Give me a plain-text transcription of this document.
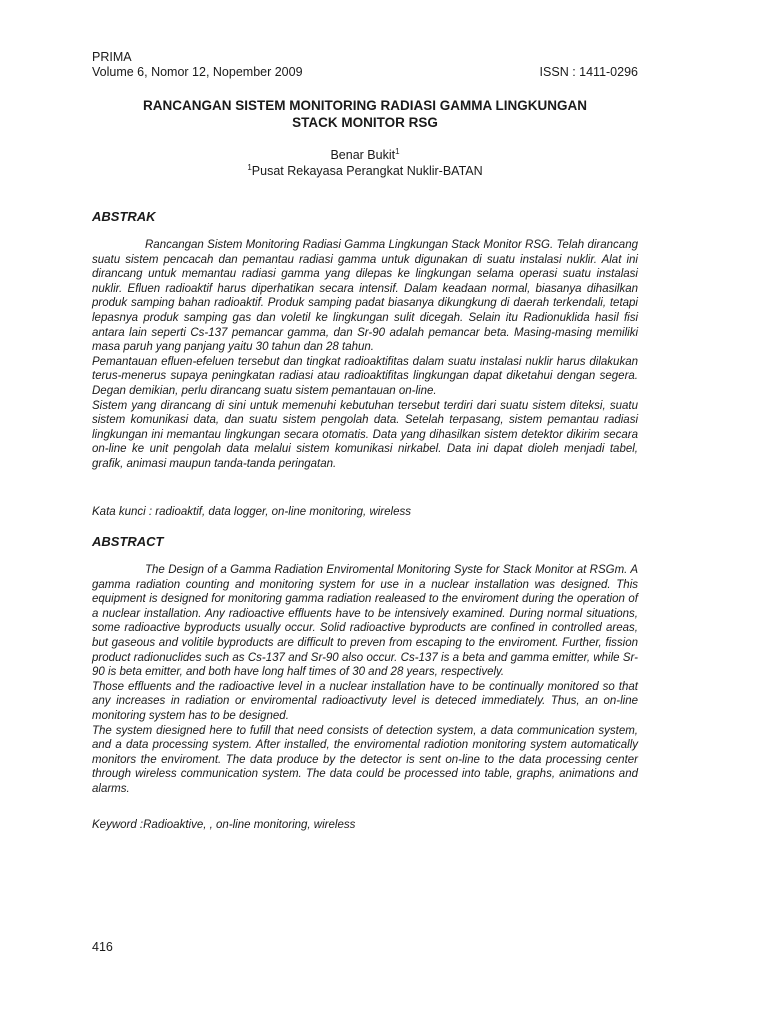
PRIMA
Volume 6, Nomor 12, Nopember 2009	ISSN : 1411-0296
RANCANGAN SISTEM MONITORING RADIASI GAMMA LINGKUNGAN
STACK MONITOR RSG
Benar Bukit$^1$
$^1$Pusat Rekayasa Perangkat Nuklir-BATAN
ABSTRAK

Rancangan Sistem Monitoring Radiasi Gamma Lingkungan Stack Monitor RSG. Telah dirancang suatu sistem pencacah dan pemantau radiasi gamma untuk digunakan di suatu instalasi nuklir. Alat ini dirancang untuk memantau radiasi gamma yang dilepas ke lingkungan selama operasi suatu instalasi nuklir. Efluen radioaktif harus diperhatikan secara intensif. Dalam keadaan normal, biasanya dihasilkan produk samping bahan radioaktif. Produk samping padat biasanya dikungkung di daerah terkendali, tetapi lepasnya produk samping gas dan voletil ke lingkungan sulit dicegah. Selain itu Radionuklida hasil fisi antara lain seperti Cs-137 pemancar gamma, dan Sr-90 adalah pemancar beta. Masing-masing memiliki masa paruh yang panjang yaitu 30 tahun dan 28 tahun.

Pemantauan efluen-efeluen tersebut dan tingkat radioaktifitas dalam suatu instalasi nuklir harus dilakukan terus-menerus supaya peningkatan radiasi atau radioaktifitas lingkungan dapat diketahui dengan segera. Degan demikian, perlu dirancang suatu sistem pemantauan on-line.

Sistem yang dirancang di sini untuk memenuhi kebutuhan tersebut terdiri dari suatu sistem diteksi, suatu sistem komunikasi data, dan suatu sistem pengolah data. Setelah terpasang, sistem pemantau radiasi lingkungan ini memantau lingkungan secara otomatis. Data yang dihasilkan sistem detektor dikirim secara on-line ke unit pengolah data melalui sistem komunikasi nirkabel. Data ini dapat dioleh menjadi tabel, grafik, animasi maupun tanda-tanda peringatan.

Kata kunci : radioaktif, data logger, on-line monitoring, wireless
ABSTRACT

The Design of a Gamma Radiation Enviromental Monitoring Syste for Stack Monitor at RSGm. A gamma radiation counting and monitoring system for use in a nuclear installation was designed. This equipment is designed for monitoring gamma radiation realeased to the enviroment during the operation of a nuclear installation. Any radioactive effluents have to be intensively examined. During normal situations, some radioactive byproducts usually occur. Solid radioactive byproducts are confined in controlled areas, but gaseous and volitile byproducts are difficult to preven from escaping to the enviroment. Further, fission product radionuclides such as Cs-137 and Sr-90 also occur. Cs-137 is a beta and gamma emitter, while Sr-90 is beta emitter, and both have long half times of 30 and 28 years, respectively.

Those effluents and the radioactive level in a nuclear installation have to be continually monitored so that any increases in radiation or enviromental radioactivuty level is deteced immediately. Thus, an on-line monitoring system has to be designed.

The system diesigned here to fufill that need consists of detection system, a data communication system, and a data processing system. After installed, the enviromental radiotion monitoring system automatically monitors the enviroment. The data produce by the detector is sent on-line to the data processing center through wireless communication system. The data could be processed into table, graphs, animations and alarms.

Keyword :Radioaktive, , on-line monitoring, wireless
416
